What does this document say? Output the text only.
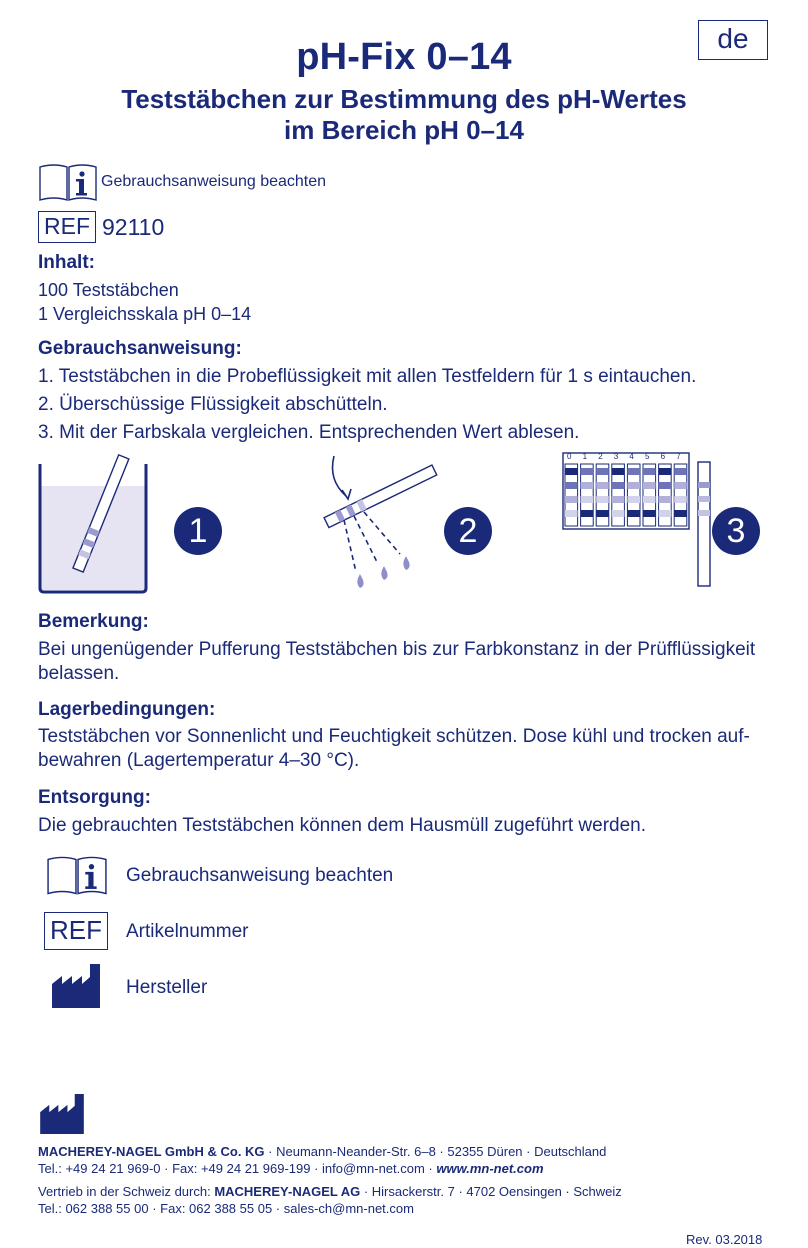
pH-Fix 0–14	de
Teststäbchen zur Bestimmung des pH-Wertes
im Bereich pH 0–14
Gebrauchsanweisung beachten
REF 92110
Inhalt:
100 Teststäbchen
1 Vergleichsskala pH 0–14
Gebrauchsanweisung:
1. Teststäbchen in die Probeflüssigkeit mit allen Testfeldern für 1 s eintauchen.
2. Überschüssige Flüssigkeit abschütteln.
3. Mit der Farbskala vergleichen. Entsprechenden Wert ablesen.
1	2
0 1 2 3 4 5 6 7
3
Bemerkung:
Bei ungenügender Pufferung Teststäbchen bis zur Farbkonstanz in der Prüfflüssigkeit
belassen.
Lagerbedingungen:
Teststäbchen vor Sonnenlicht und Feuchtigkeit schützen. Dose kühl und trocken auf-
bewahren (Lagertemperatur 4–30 °C).
Entsorgung:
Die gebrauchten Teststäbchen können dem Hausmüll zugeführt werden.
Gebrauchsanweisung beachten
REF	Artikelnummer
Hersteller
MACHEREY-NAGEL GmbH & Co. KG · Neumann-Neander-Str. 6–8 · 52355 Düren · Deutschland
Tel.: +49 24 21 969-0 · Fax: +49 24 21 969-199 · info@mn-net.com · www.mn-net.com
Vertrieb in der Schweiz durch: MACHEREY-NAGEL AG · Hirsackerstr. 7 · 4702 Oensingen · Schweiz
Tel.: 062 388 55 00 · Fax: 062 388 55 05 · sales-ch@mn-net.com
Rev. 03.2018
